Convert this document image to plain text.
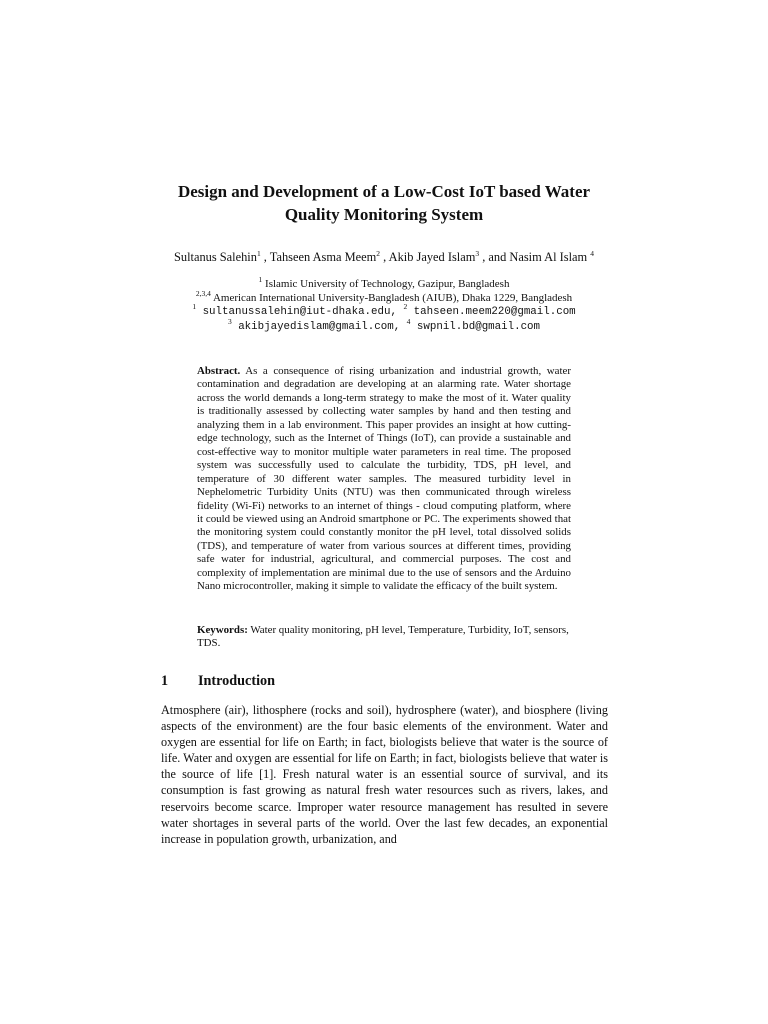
Design and Development of a Low-Cost IoT based Water
Quality Monitoring System
Sultanus Salehin$^1$ , Tahseen Asma Meem$^2$ , Akib Jayed Islam$^3$ , and Nasim Al Islam $^4$
$^1$ Islamic University of Technology, Gazipur, Bangladesh
$^{2,3,4}$ American International University-Bangladesh (AIUB), Dhaka 1229, Bangladesh
$^1$ sultanussalehin@iut-dhaka.edu, $^2$ tahseen.meem220@gmail.com
$^3$ akibjayedislam@gmail.com, $^4$ swpnil.bd@gmail.com

Abstract. As a consequence of rising urbanization and industrial growth, water contamination and degradation are developing at an alarming rate. Water shortage across the world demands a long-term strategy to make the most of it. Water quality is traditionally assessed by collecting water samples by hand and then testing and analyzing them in a lab environment. This paper provides an insight at how cutting-edge technology, such as the Internet of Things (IoT), can provide a sustainable and cost-effective way to monitor multiple water parameters in real time. The proposed system was successfully used to calculate the turbidity, TDS, pH level, and temperature of 30 different water samples. The measured turbidity level in Nephelometric Turbidity Units (NTU) was then communicated through wireless fidelity (Wi-Fi) networks to an internet of things - cloud computing platform, where it could be viewed using an Android smartphone or PC. The experiments showed that the monitoring system could constantly monitor the pH level, total dissolved solids (TDS), and temperature of water from various sources at different times, providing safe water for industrial, agricultural, and commercial purposes. The cost and complexity of implementation are minimal due to the use of sensors and the Arduino Nano microcontroller, making it simple to validate the efficacy of the built system.

Keywords: Water quality monitoring, pH level, Temperature, Turbidity, IoT, sensors, TDS.

1 Introduction

Atmosphere (air), lithosphere (rocks and soil), hydrosphere (water), and biosphere (living aspects of the environment) are the four basic elements of the environment. Water and oxygen are essential for life on Earth; in fact, biologists believe that water is the source of life. Water and oxygen are essential for life on Earth; in fact, biologists believe that water is the source of life [1]. Fresh natural water is an essential source of survival, and its consumption is fast growing as natural fresh water resources such as rivers, lakes, and reservoirs become scarce. Improper water resource management has resulted in severe water shortages in several parts of the world. Over the last few decades, an exponential increase in population growth, urbanization, and
